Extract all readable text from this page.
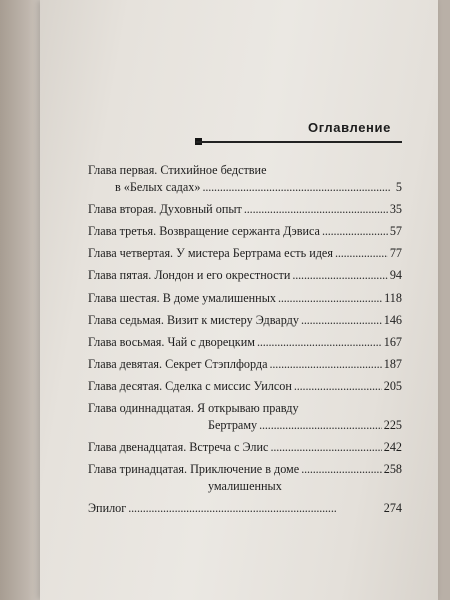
Оглавление
Глава первая. Стихийное бедствие
в «Белых садах» . . .	5
Глава вторая. Духовный опыт . . .	35
Глава третья. Возвращение сержанта Дэвиса . . .	57
Глава четвертая. У мистера Бертрама есть идея . . .	77
Глава пятая. Лондон и его окрестности . . .	94
Глава шестая. В доме умалишенных . . .	118
Глава седьмая. Визит к мистеру Эдварду . . .	146
Глава восьмая. Чай с дворецким . . .	167
Глава девятая. Секрет Стэплфорда . . .	187
Глава десятая. Сделка с миссис Уилсон . . .	205
Глава одиннадцатая. Я открываю правду
Бертраму . . .	225
Глава двенадцатая. Встреча с Элис . . .	242
Глава тринадцатая. Приключение в доме . . .	258
умалишенных
Эпилог . . .	274
